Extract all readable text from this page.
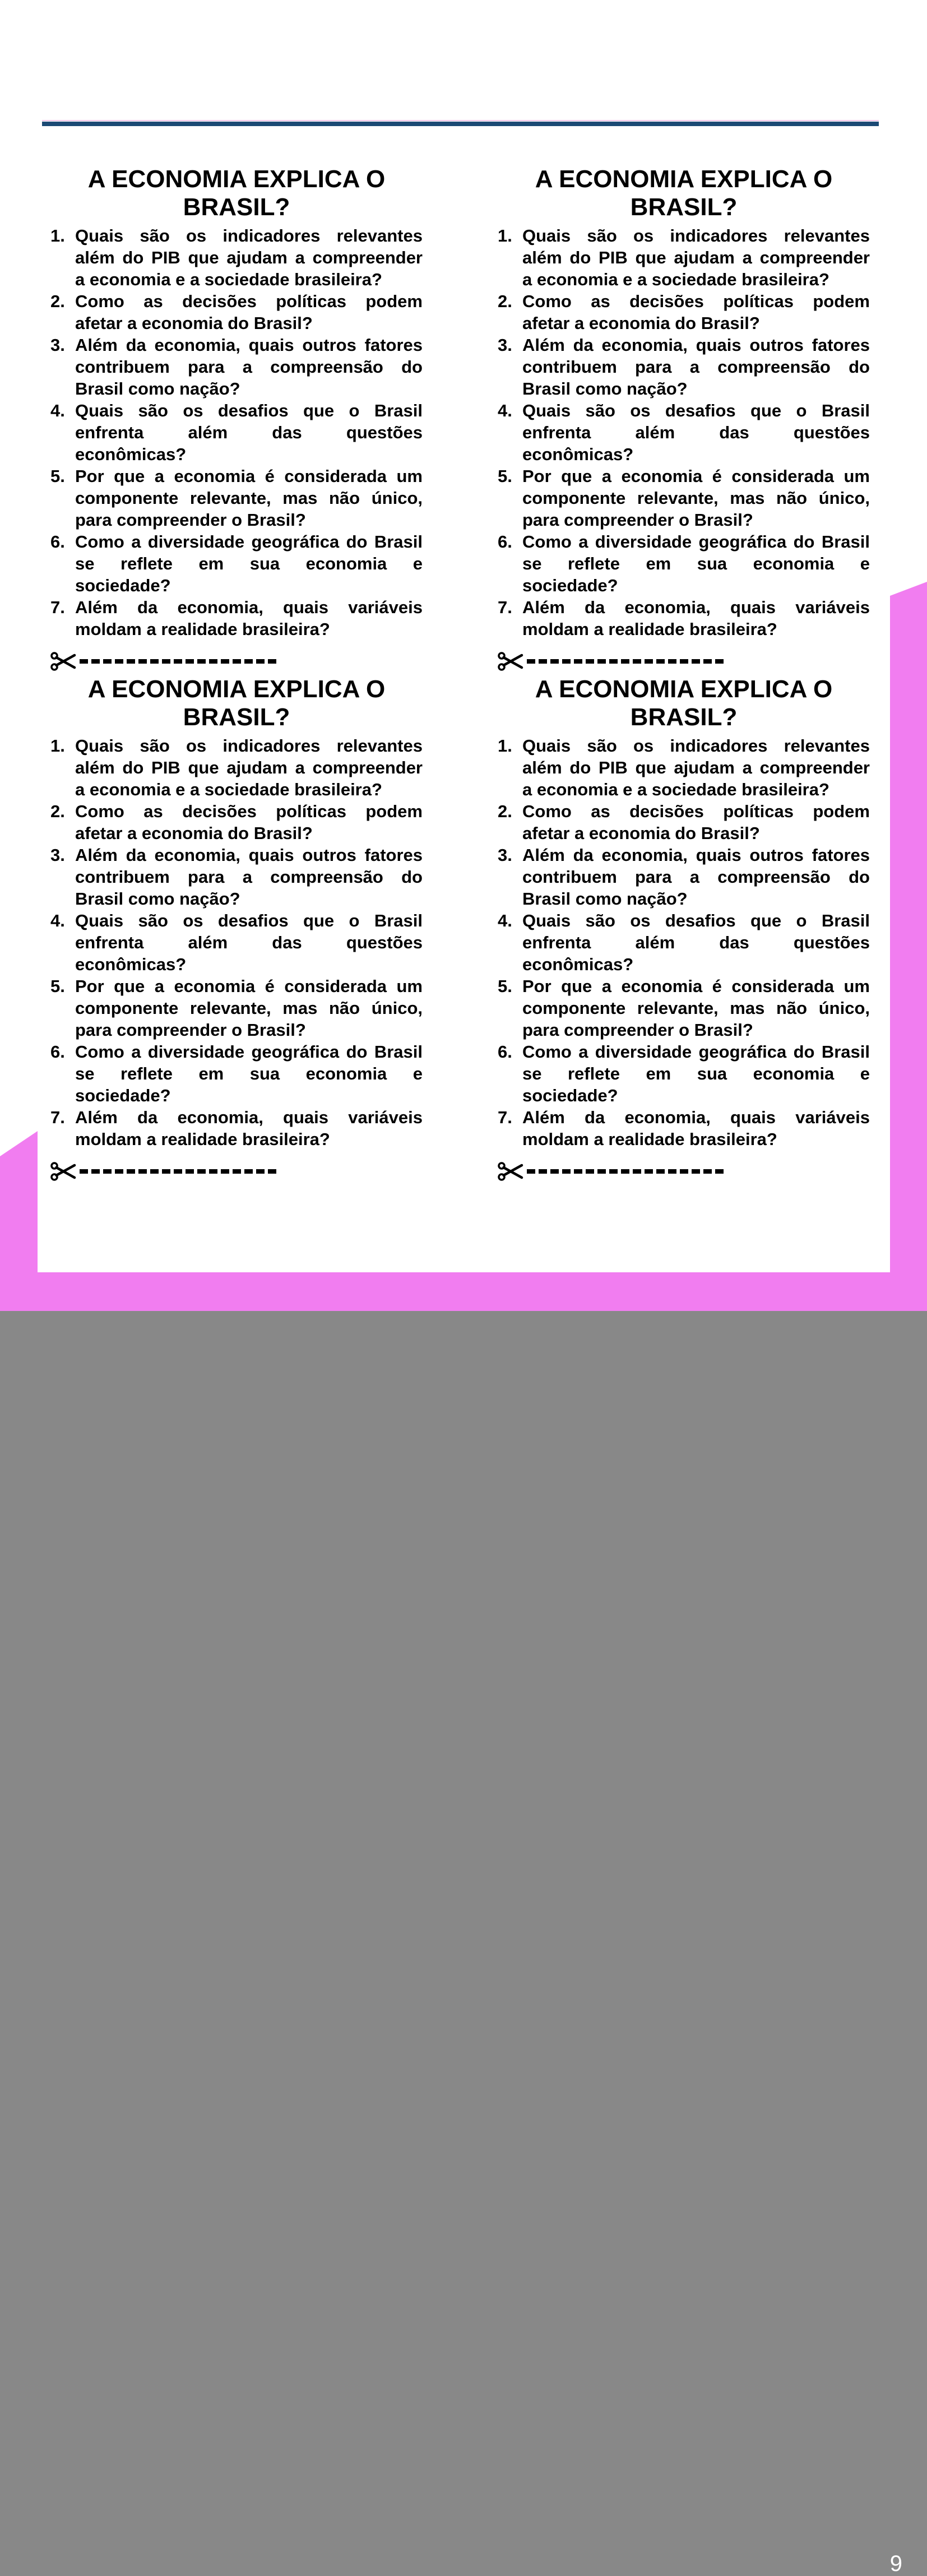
A ECONOMIA EXPLICA O
BRASIL?
1. Quais são os indicadores relevantes
além do PIB que ajudam a compreender
a economia e a sociedade brasileira?
2. Como as decisões políticas podem
afetar a economia do Brasil?
3. Além da economia, quais outros fatores
contribuem para a compreensão do
Brasil como nação?
4. Quais são os desafios que o Brasil
enfrenta além das questões
econômicas?
5. Por que a economia é considerada um
componente relevante, mas não único,
para compreender o Brasil?
6. Como a diversidade geográfica do Brasil
se reflete em sua economia e
sociedade?
7. Além da economia, quais variáveis
moldam a realidade brasileira?
A ECONOMIA EXPLICA O
BRASIL?
1. Quais são os indicadores relevantes
além do PIB que ajudam a compreender
a economia e a sociedade brasileira?
2. Como as decisões políticas podem
afetar a economia do Brasil?
3. Além da economia, quais outros fatores
contribuem para a compreensão do
Brasil como nação?
4. Quais são os desafios que o Brasil
enfrenta além das questões
econômicas?
5. Por que a economia é considerada um
componente relevante, mas não único,
para compreender o Brasil?
6. Como a diversidade geográfica do Brasil
se reflete em sua economia e
sociedade?
7. Além da economia, quais variáveis
moldam a realidade brasileira?
A ECONOMIA EXPLICA O
BRASIL?
1. Quais são os indicadores relevantes
além do PIB que ajudam a compreender
a economia e a sociedade brasileira?
2. Como as decisões políticas podem
afetar a economia do Brasil?
3. Além da economia, quais outros fatores
contribuem para a compreensão do
Brasil como nação?
4. Quais são os desafios que o Brasil
enfrenta além das questões
econômicas?
5. Por que a economia é considerada um
componente relevante, mas não único,
para compreender o Brasil?
6. Como a diversidade geográfica do Brasil
se reflete em sua economia e
sociedade?
7. Além da economia, quais variáveis
moldam a realidade brasileira?
A ECONOMIA EXPLICA O
BRASIL?
1. Quais são os indicadores relevantes
além do PIB que ajudam a compreender
a economia e a sociedade brasileira?
2. Como as decisões políticas podem
afetar a economia do Brasil?
3. Além da economia, quais outros fatores
contribuem para a compreensão do
Brasil como nação?
4. Quais são os desafios que o Brasil
enfrenta além das questões
econômicas?
5. Por que a economia é considerada um
componente relevante, mas não único,
para compreender o Brasil?
6. Como a diversidade geográfica do Brasil
se reflete em sua economia e
sociedade?
7. Além da economia, quais variáveis
moldam a realidade brasileira?
9
